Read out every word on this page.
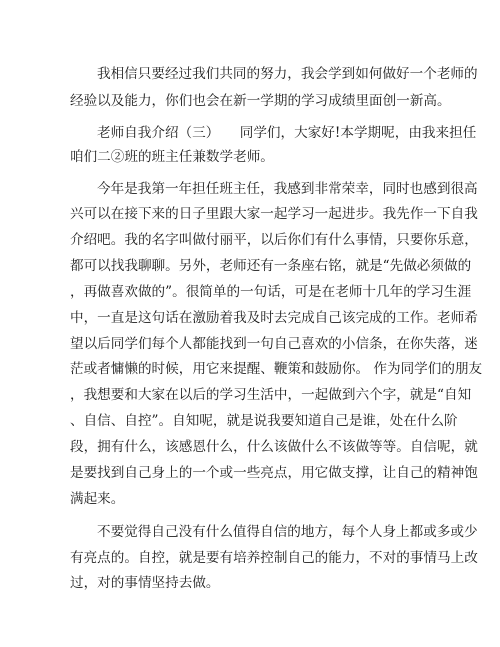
我相信只要经过我们共同的努力，我会学到如何做好一个老师的
经验以及能力，你们也会在新一学期的学习成绩里面创一新高。
老师自我介绍（三）　　同学们，大家好!本学期呢，由我来担任
咱们二②班的班主任兼数学老师。
今年是我第一年担任班主任，我感到非常荣幸，同时也感到很高
兴可以在接下来的日子里跟大家一起学习一起进步。我先作一下自我
介绍吧。我的名字叫做付丽平，以后你们有什么事情，只要你乐意，
都可以找我聊聊。另外，老师还有一条座右铭，就是“先做必须做的
，再做喜欢做的”。很简单的一句话，可是在老师十几年的学习生涯
中，一直是这句话在激励着我及时去完成自己该完成的工作。老师希
望以后同学们每个人都能找到一句自己喜欢的小信条，在你失落，迷
茫或者慵懒的时候，用它来提醒、鞭策和鼓励你。 作为同学们的朋友
，我想要和大家在以后的学习生活中，一起做到六个字，就是“自知
、自信、自控”。自知呢，就是说我要知道自己是谁，处在什么阶
段，拥有什么，该感恩什么，什么该做什么不该做等等。自信呢，就
是要找到自己身上的一个或一些亮点，用它做支撑，让自己的精神饱
满起来。
不要觉得自己没有什么值得自信的地方，每个人身上都或多或少
有亮点的。自控，就是要有培养控制自己的能力，不对的事情马上改
过，对的事情坚持去做。
